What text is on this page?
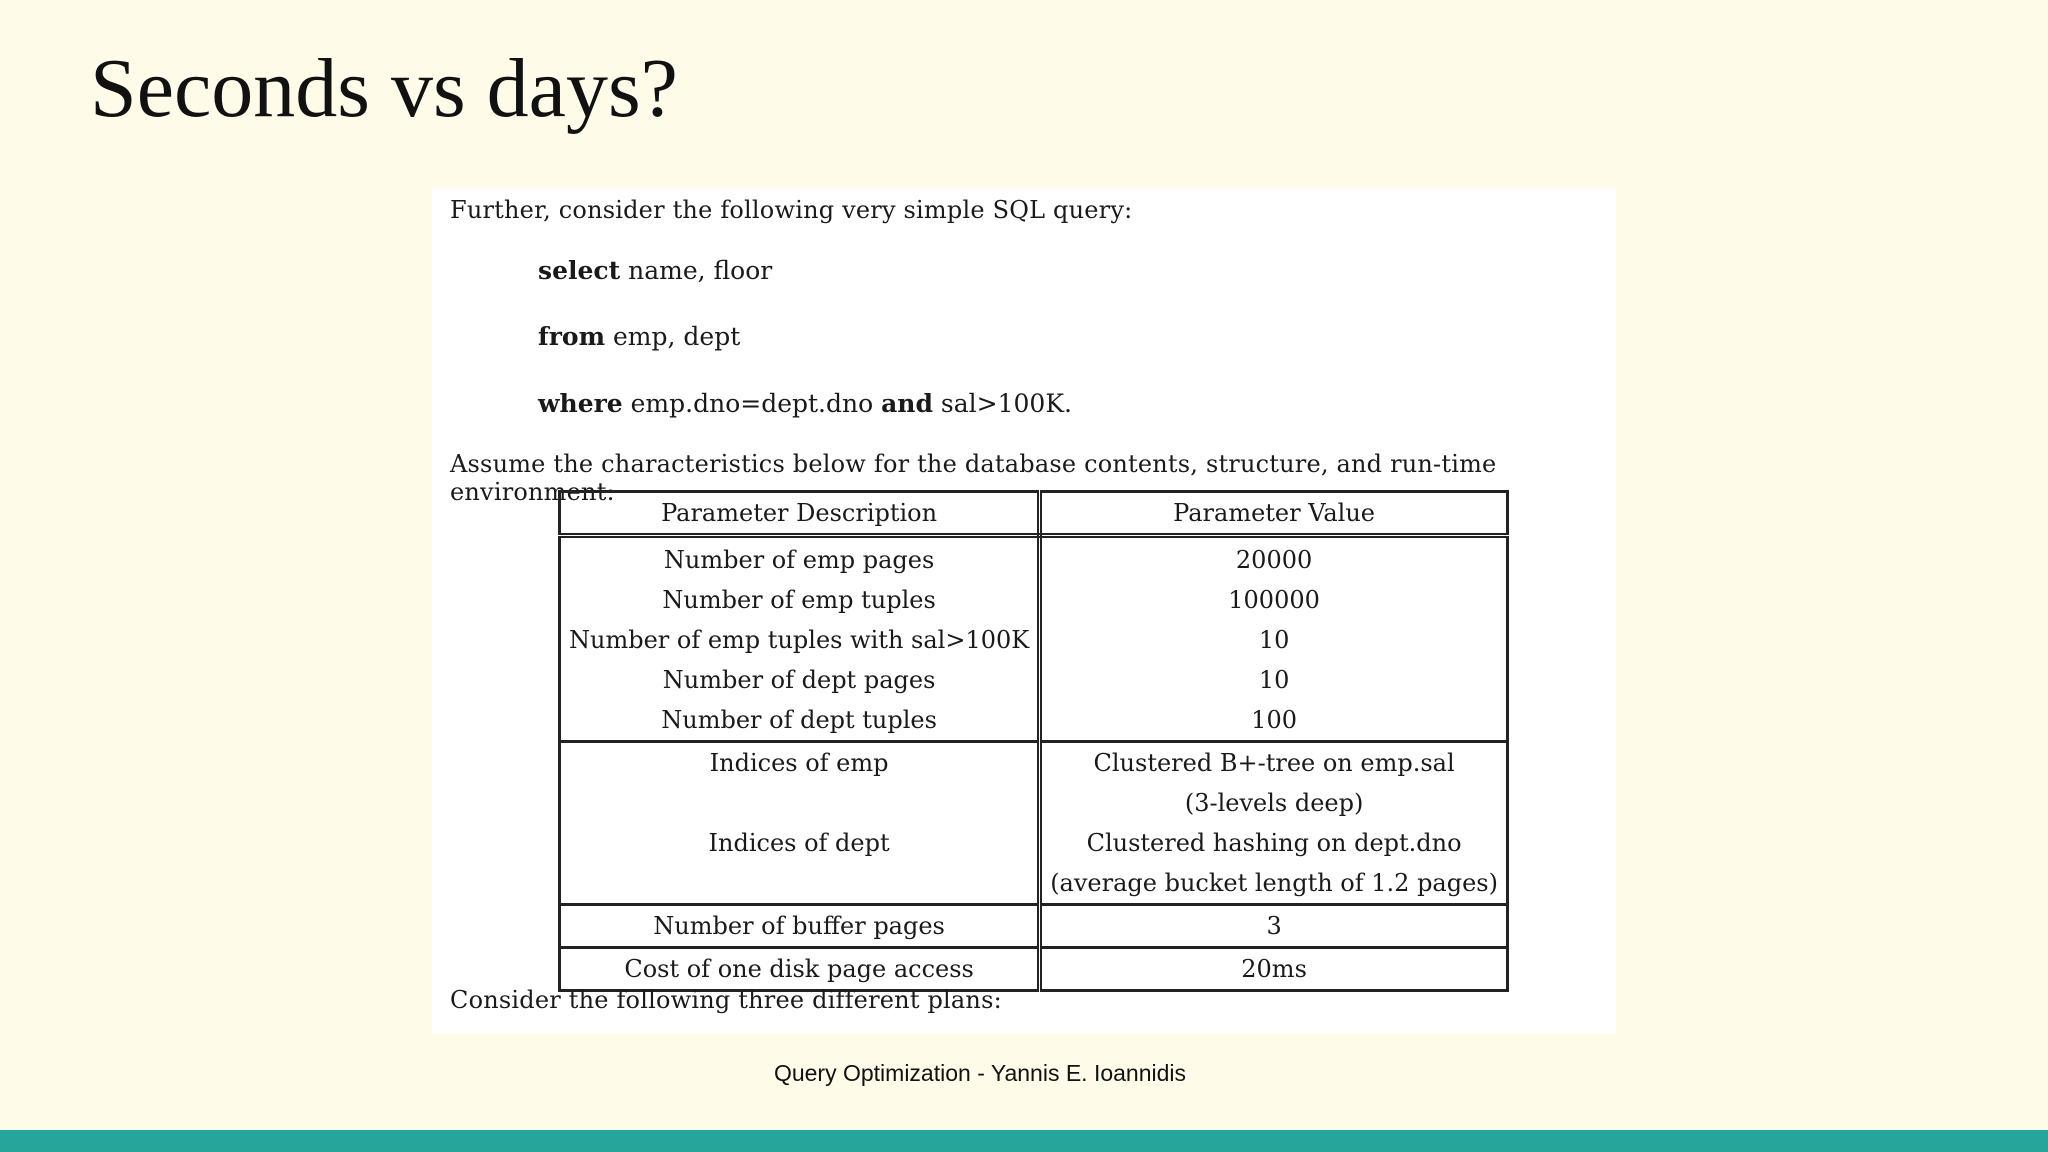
Seconds vs days?
Further, consider the following very simple SQL query:
select name, floor
from emp, dept
where emp.dno=dept.dno and sal>100K.
Assume the characteristics below for the database contents, structure, and run-time environment:
Parameter Description	Parameter Value
Number of emp pages	20000
Number of emp tuples	100000
Number of emp tuples with sal>100K	10
Number of dept pages	10
Number of dept tuples	100
Indices of emp	Clustered B+-tree on emp.sal
	(3-levels deep)
Indices of dept	Clustered hashing on dept.dno
	(average bucket length of 1.2 pages)
Number of buffer pages	3
Cost of one disk page access	20ms
Consider the following three different plans:
Query Optimization - Yannis E. Ioannidis
